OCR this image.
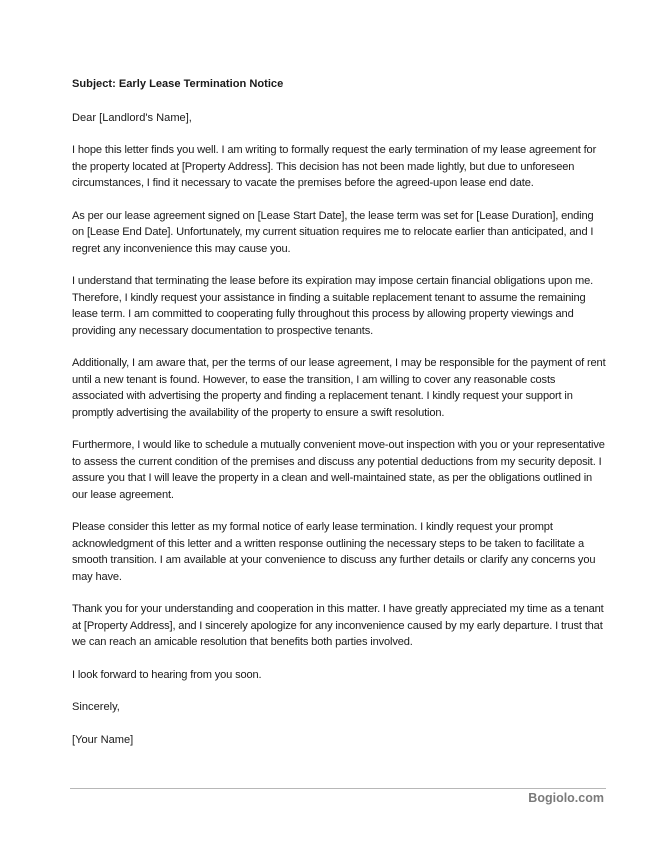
Subject: Early Lease Termination Notice

Dear [Landlord's Name],

I hope this letter finds you well. I am writing to formally request the early termination of my lease agreement for the property located at [Property Address]. This decision has not been made lightly, but due to unforeseen circumstances, I find it necessary to vacate the premises before the agreed-upon lease end date.

As per our lease agreement signed on [Lease Start Date], the lease term was set for [Lease Duration], ending on [Lease End Date]. Unfortunately, my current situation requires me to relocate earlier than anticipated, and I regret any inconvenience this may cause you.

I understand that terminating the lease before its expiration may impose certain financial obligations upon me. Therefore, I kindly request your assistance in finding a suitable replacement tenant to assume the remaining lease term. I am committed to cooperating fully throughout this process by allowing property viewings and providing any necessary documentation to prospective tenants.

Additionally, I am aware that, per the terms of our lease agreement, I may be responsible for the payment of rent until a new tenant is found. However, to ease the transition, I am willing to cover any reasonable costs associated with advertising the property and finding a replacement tenant. I kindly request your support in promptly advertising the availability of the property to ensure a swift resolution.

Furthermore, I would like to schedule a mutually convenient move-out inspection with you or your representative to assess the current condition of the premises and discuss any potential deductions from my security deposit. I assure you that I will leave the property in a clean and well-maintained state, as per the obligations outlined in our lease agreement.

Please consider this letter as my formal notice of early lease termination. I kindly request your prompt acknowledgment of this letter and a written response outlining the necessary steps to be taken to facilitate a smooth transition. I am available at your convenience to discuss any further details or clarify any concerns you may have.

Thank you for your understanding and cooperation in this matter. I have greatly appreciated my time as a tenant at [Property Address], and I sincerely apologize for any inconvenience caused by my early departure. I trust that we can reach an amicable resolution that benefits both parties involved.

I look forward to hearing from you soon.

Sincerely,

[Your Name]

Bogiolo.com
